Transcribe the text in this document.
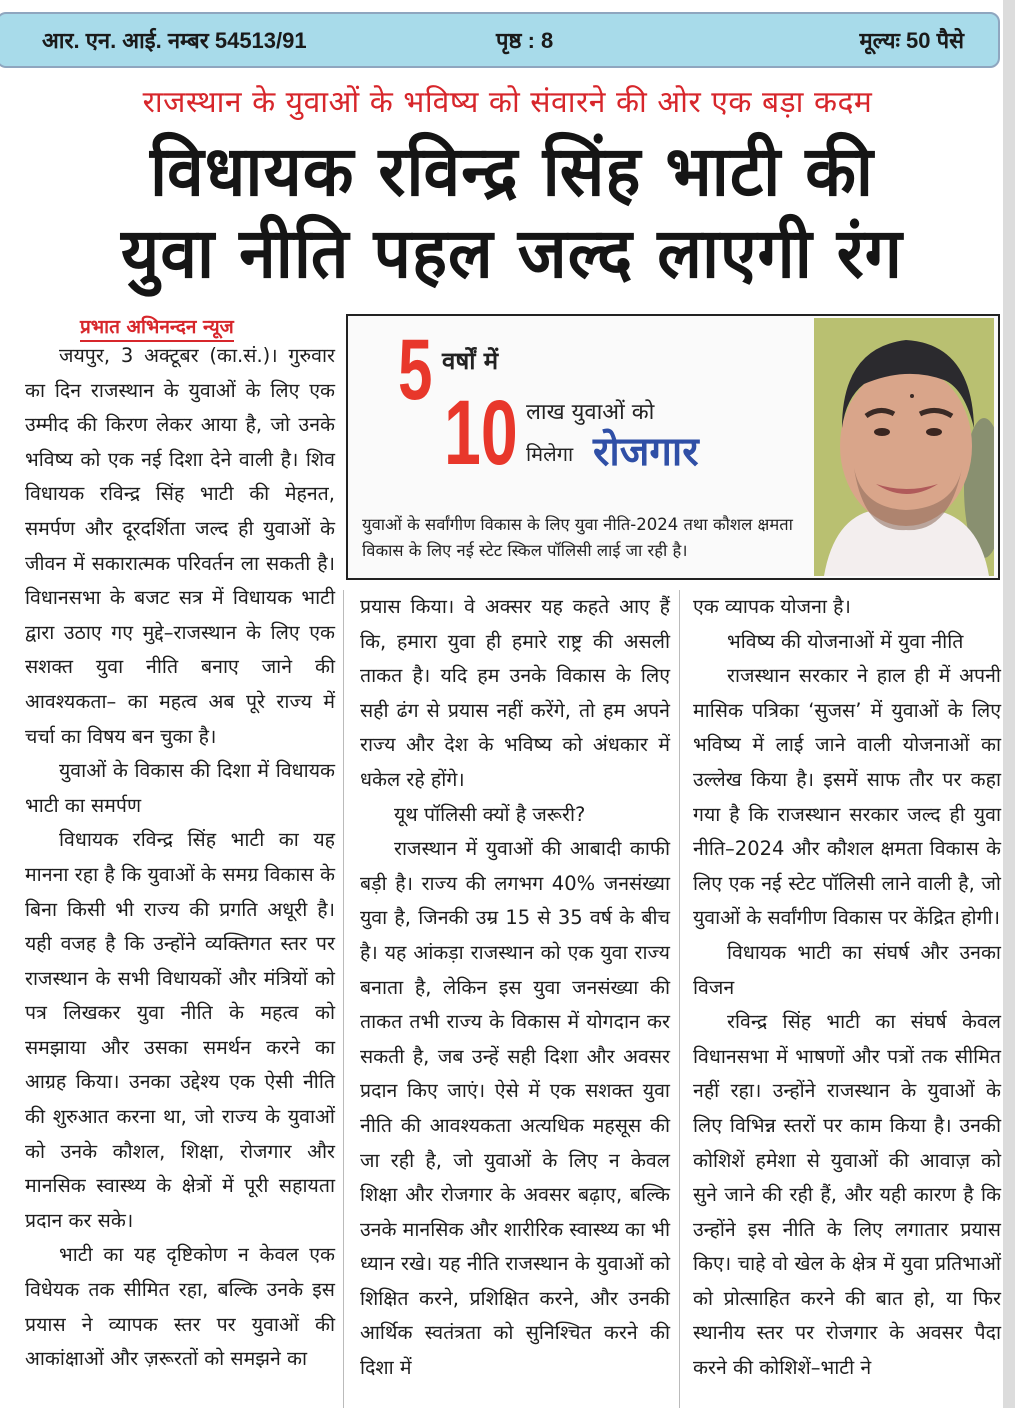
आर. एन. आई. नम्बर 54513/91	पृष्ठ : 8	मूल्यः 50 पैसे
राजस्थान के युवाओं के भविष्य को संवारने की ओर एक बड़ा कदम
विधायक रविन्द्र सिंह भाटी की
युवा नीति पहल जल्द लाएगी रंग
प्रभात अभिनन्दन न्यूज 5 वर्षों में
10 लाख युवाओं को
मिलेगा रोजगार

युवाओं के सर्वांगीण विकास के लिए युवा नीति-2024 तथा कौशल क्षमता विकास के लिए नई स्टेट स्किल पॉलिसी लाई जा रही है।

जयपुर, 3 अक्टूबर (का.सं.)। गुरुवार का दिन राजस्थान के युवाओं के लिए एक उम्मीद की किरण लेकर आया है, जो उनके भविष्य को एक नई दिशा देने वाली है। शिव विधायक रविन्द्र सिंह भाटी की मेहनत, समर्पण और दूरदर्शिता जल्द ही युवाओं के जीवन में सकारात्मक परिवर्तन ला सकती है। विधानसभा के बजट सत्र में विधायक भाटी द्वारा उठाए गए मुद्दे–राजस्थान के लिए एक सशक्त युवा नीति बनाए जाने की आवश्यकता– का महत्व अब पूरे राज्य में चर्चा का विषय बन चुका है।

युवाओं के विकास की दिशा में विधायक भाटी का समर्पण

विधायक रविन्द्र सिंह भाटी का यह मानना रहा है कि युवाओं के समग्र विकास के बिना किसी भी राज्य की प्रगति अधूरी है। यही वजह है कि उन्होंने व्यक्तिगत स्तर पर राजस्थान के सभी विधायकों और मंत्रियों को पत्र लिखकर युवा नीति के महत्व को समझाया और उसका समर्थन करने का आग्रह किया। उनका उद्देश्य एक ऐसी नीति की शुरुआत करना था, जो राज्य के युवाओं को उनके कौशल, शिक्षा, रोजगार और मानसिक स्वास्थ्य के क्षेत्रों में पूरी सहायता प्रदान कर सके।

भाटी का यह दृष्टिकोण न केवल एक विधेयक तक सीमित रहा, बल्कि उनके इस प्रयास ने व्यापक स्तर पर युवाओं की आकांक्षाओं और ज़रूरतों को समझने का

प्रयास किया। वे अक्सर यह कहते आए हैं कि, हमारा युवा ही हमारे राष्ट्र की असली ताकत है। यदि हम उनके विकास के लिए सही ढंग से प्रयास नहीं करेंगे, तो हम अपने राज्य और देश के भविष्य को अंधकार में धकेल रहे होंगे।

यूथ पॉलिसी क्यों है जरूरी?

राजस्थान में युवाओं की आबादी काफी बड़ी है। राज्य की लगभग 40% जनसंख्या युवा है, जिनकी उम्र 15 से 35 वर्ष के बीच है। यह आंकड़ा राजस्थान को एक युवा राज्य बनाता है, लेकिन इस युवा जनसंख्या की ताकत तभी राज्य के विकास में योगदान कर सकती है, जब उन्हें सही दिशा और अवसर प्रदान किए जाएं। ऐसे में एक सशक्त युवा नीति की आवश्यकता अत्यधिक महसूस की जा रही है, जो युवाओं के लिए न केवल शिक्षा और रोजगार के अवसर बढ़ाए, बल्कि उनके मानसिक और शारीरिक स्वास्थ्य का भी ध्यान रखे। यह नीति राजस्थान के युवाओं को शिक्षित करने, प्रशिक्षित करने, और उनकी आर्थिक स्वतंत्रता को सुनिश्चित करने की दिशा में

एक व्यापक योजना है।

भविष्य की योजनाओं में युवा नीति

राजस्थान सरकार ने हाल ही में अपनी मासिक पत्रिका ‘सुजस’ में युवाओं के लिए भविष्य में लाई जाने वाली योजनाओं का उल्लेख किया है। इसमें साफ तौर पर कहा गया है कि राजस्थान सरकार जल्द ही युवा नीति–2024 और कौशल क्षमता विकास के लिए एक नई स्टेट पॉलिसी लाने वाली है, जो युवाओं के सर्वांगीण विकास पर केंद्रित होगी।

विधायक भाटी का संघर्ष और उनका विजन

रविन्द्र सिंह भाटी का संघर्ष केवल विधानसभा में भाषणों और पत्रों तक सीमित नहीं रहा। उन्होंने राजस्थान के युवाओं के लिए विभिन्न स्तरों पर काम किया है। उनकी कोशिशें हमेशा से युवाओं की आवाज़ को सुने जाने की रही हैं, और यही कारण है कि उन्होंने इस नीति के लिए लगातार प्रयास किए। चाहे वो खेल के क्षेत्र में युवा प्रतिभाओं को प्रोत्साहित करने की बात हो, या फिर स्थानीय स्तर पर रोजगार के अवसर पैदा करने की कोशिशें–भाटी ने
